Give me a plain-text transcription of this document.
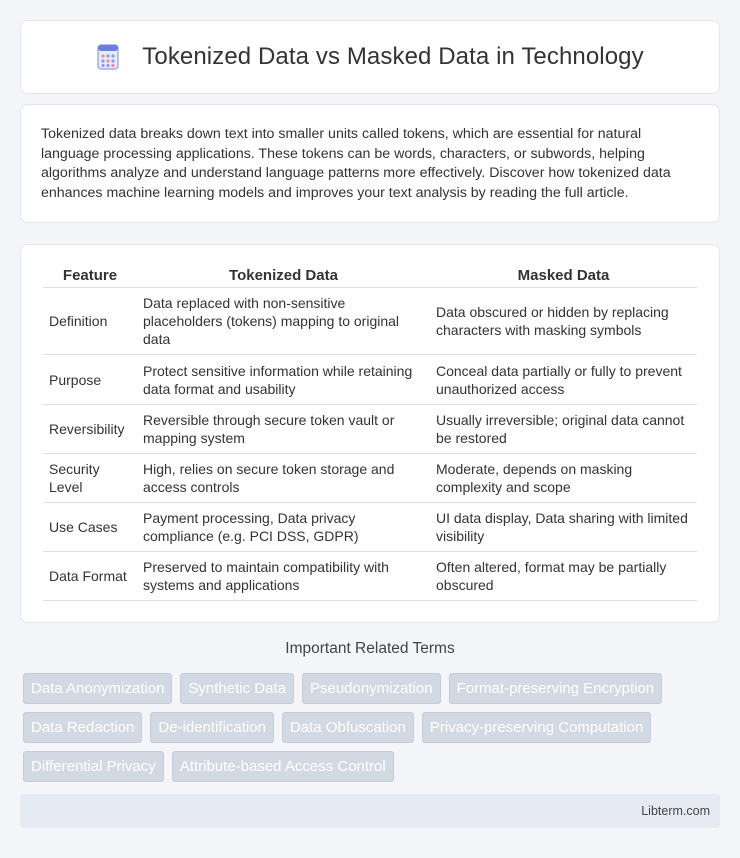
Tokenized Data vs Masked Data in Technology

Tokenized data breaks down text into smaller units called tokens, which are essential for natural language processing applications. These tokens can be words, characters, or subwords, helping algorithms analyze and understand language patterns more effectively. Discover how tokenized data enhances machine learning models and improves your text analysis by reading the full article.

Feature	Tokenized Data	Masked Data
Definition	Data replaced with non-sensitive placeholders (tokens) mapping to original data	Data obscured or hidden by replacing characters with masking symbols
Purpose	Protect sensitive information while retaining data format and usability	Conceal data partially or fully to prevent unauthorized access
Reversibility	Reversible through secure token vault or mapping system	Usually irreversible; original data cannot be restored
Security Level	High, relies on secure token storage and access controls	Moderate, depends on masking complexity and scope
Use Cases	Payment processing, Data privacy compliance (e.g. PCI DSS, GDPR)	UI data display, Data sharing with limited visibility
Data Format	Preserved to maintain compatibility with systems and applications	Often altered, format may be partially obscured
Important Related Terms
Data Anonymization	Synthetic Data	Pseudonymization	Format-preserving Encryption
Data Redaction	De-identification	Data Obfuscation	Privacy-preserving Computation
Differential Privacy	Attribute-based Access Control
Libterm.com
